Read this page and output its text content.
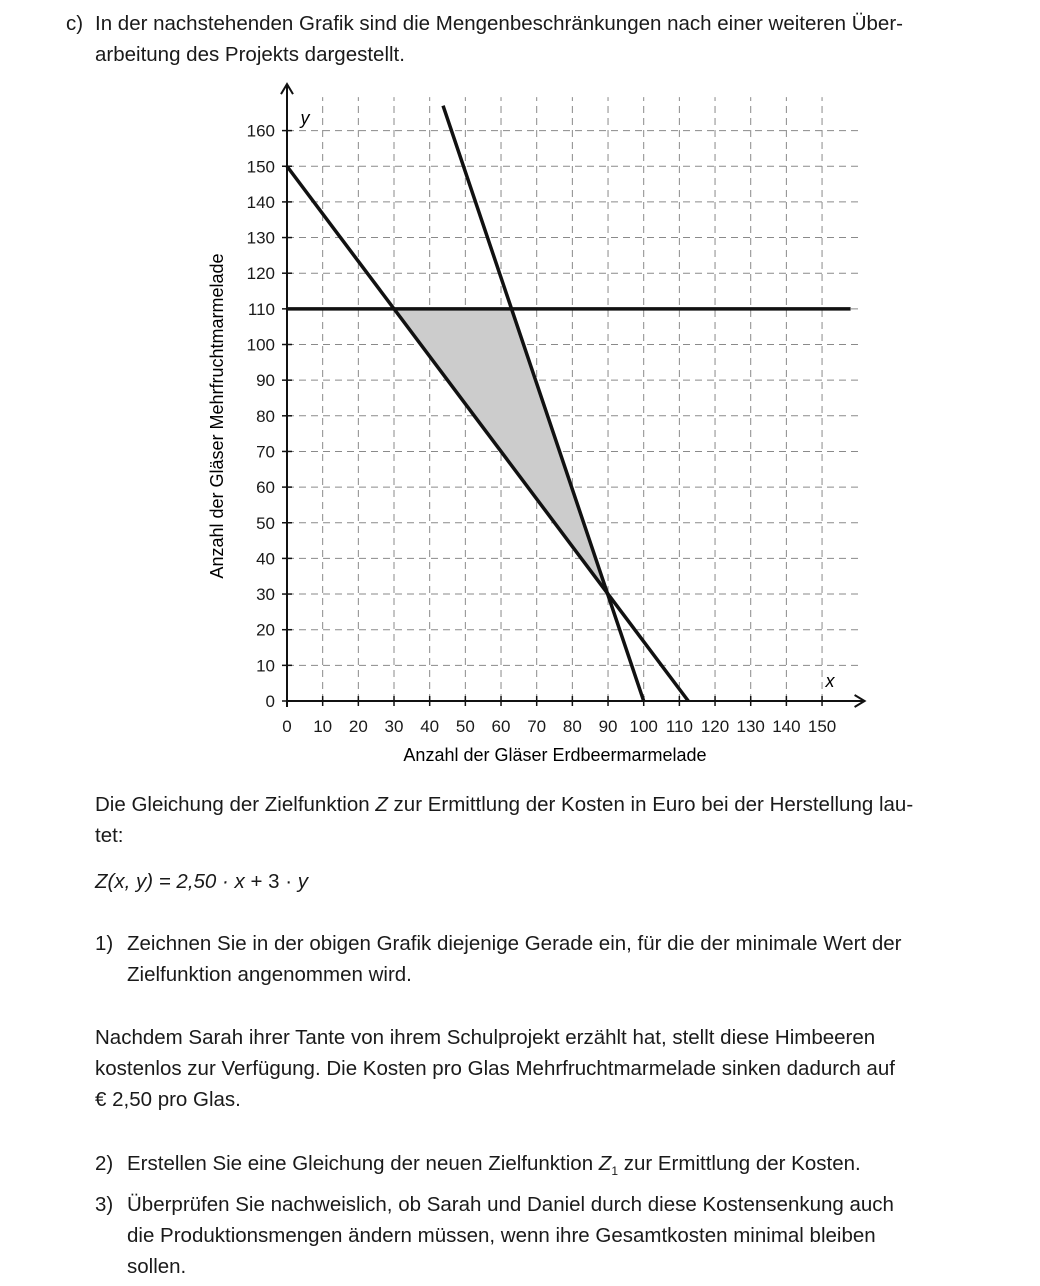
c) In der nachstehenden Grafik sind die Mengenbeschränkungen nach einer weiteren Über-
arbeitung des Projekts dargestellt.
0 10 20 30 40 50 60 70 80 90 100 110 120 130 140 150
0
10
20
30
40
50
60
70
80
90
100
110
120
130
140
150
160
x
y
Anzahl der Gläser Erdbeermarmelade
Anzahl der Gläser Mehrfruchtmarmelade
Die Gleichung der Zielfunktion Z zur Ermittlung der Kosten in Euro bei der Herstellung lau-
tet:
Z(x, y) = 2,50 · x + 3 · y
1) Zeichnen Sie in der obigen Grafik diejenige Gerade ein, für die der minimale Wert der
Zielfunktion angenommen wird.
Nachdem Sarah ihrer Tante von ihrem Schulprojekt erzählt hat, stellt diese Himbeeren
kostenlos zur Verfügung. Die Kosten pro Glas Mehrfruchtmarmelade sinken dadurch auf
€ 2,50 pro Glas.
2) Erstellen Sie eine Gleichung der neuen Zielfunktion $Z_1$ zur Ermittlung der Kosten.
3) Überprüfen Sie nachweislich, ob Sarah und Daniel durch diese Kostensenkung auch
die Produktionsmengen ändern müssen, wenn ihre Gesamtkosten minimal bleiben
sollen.
